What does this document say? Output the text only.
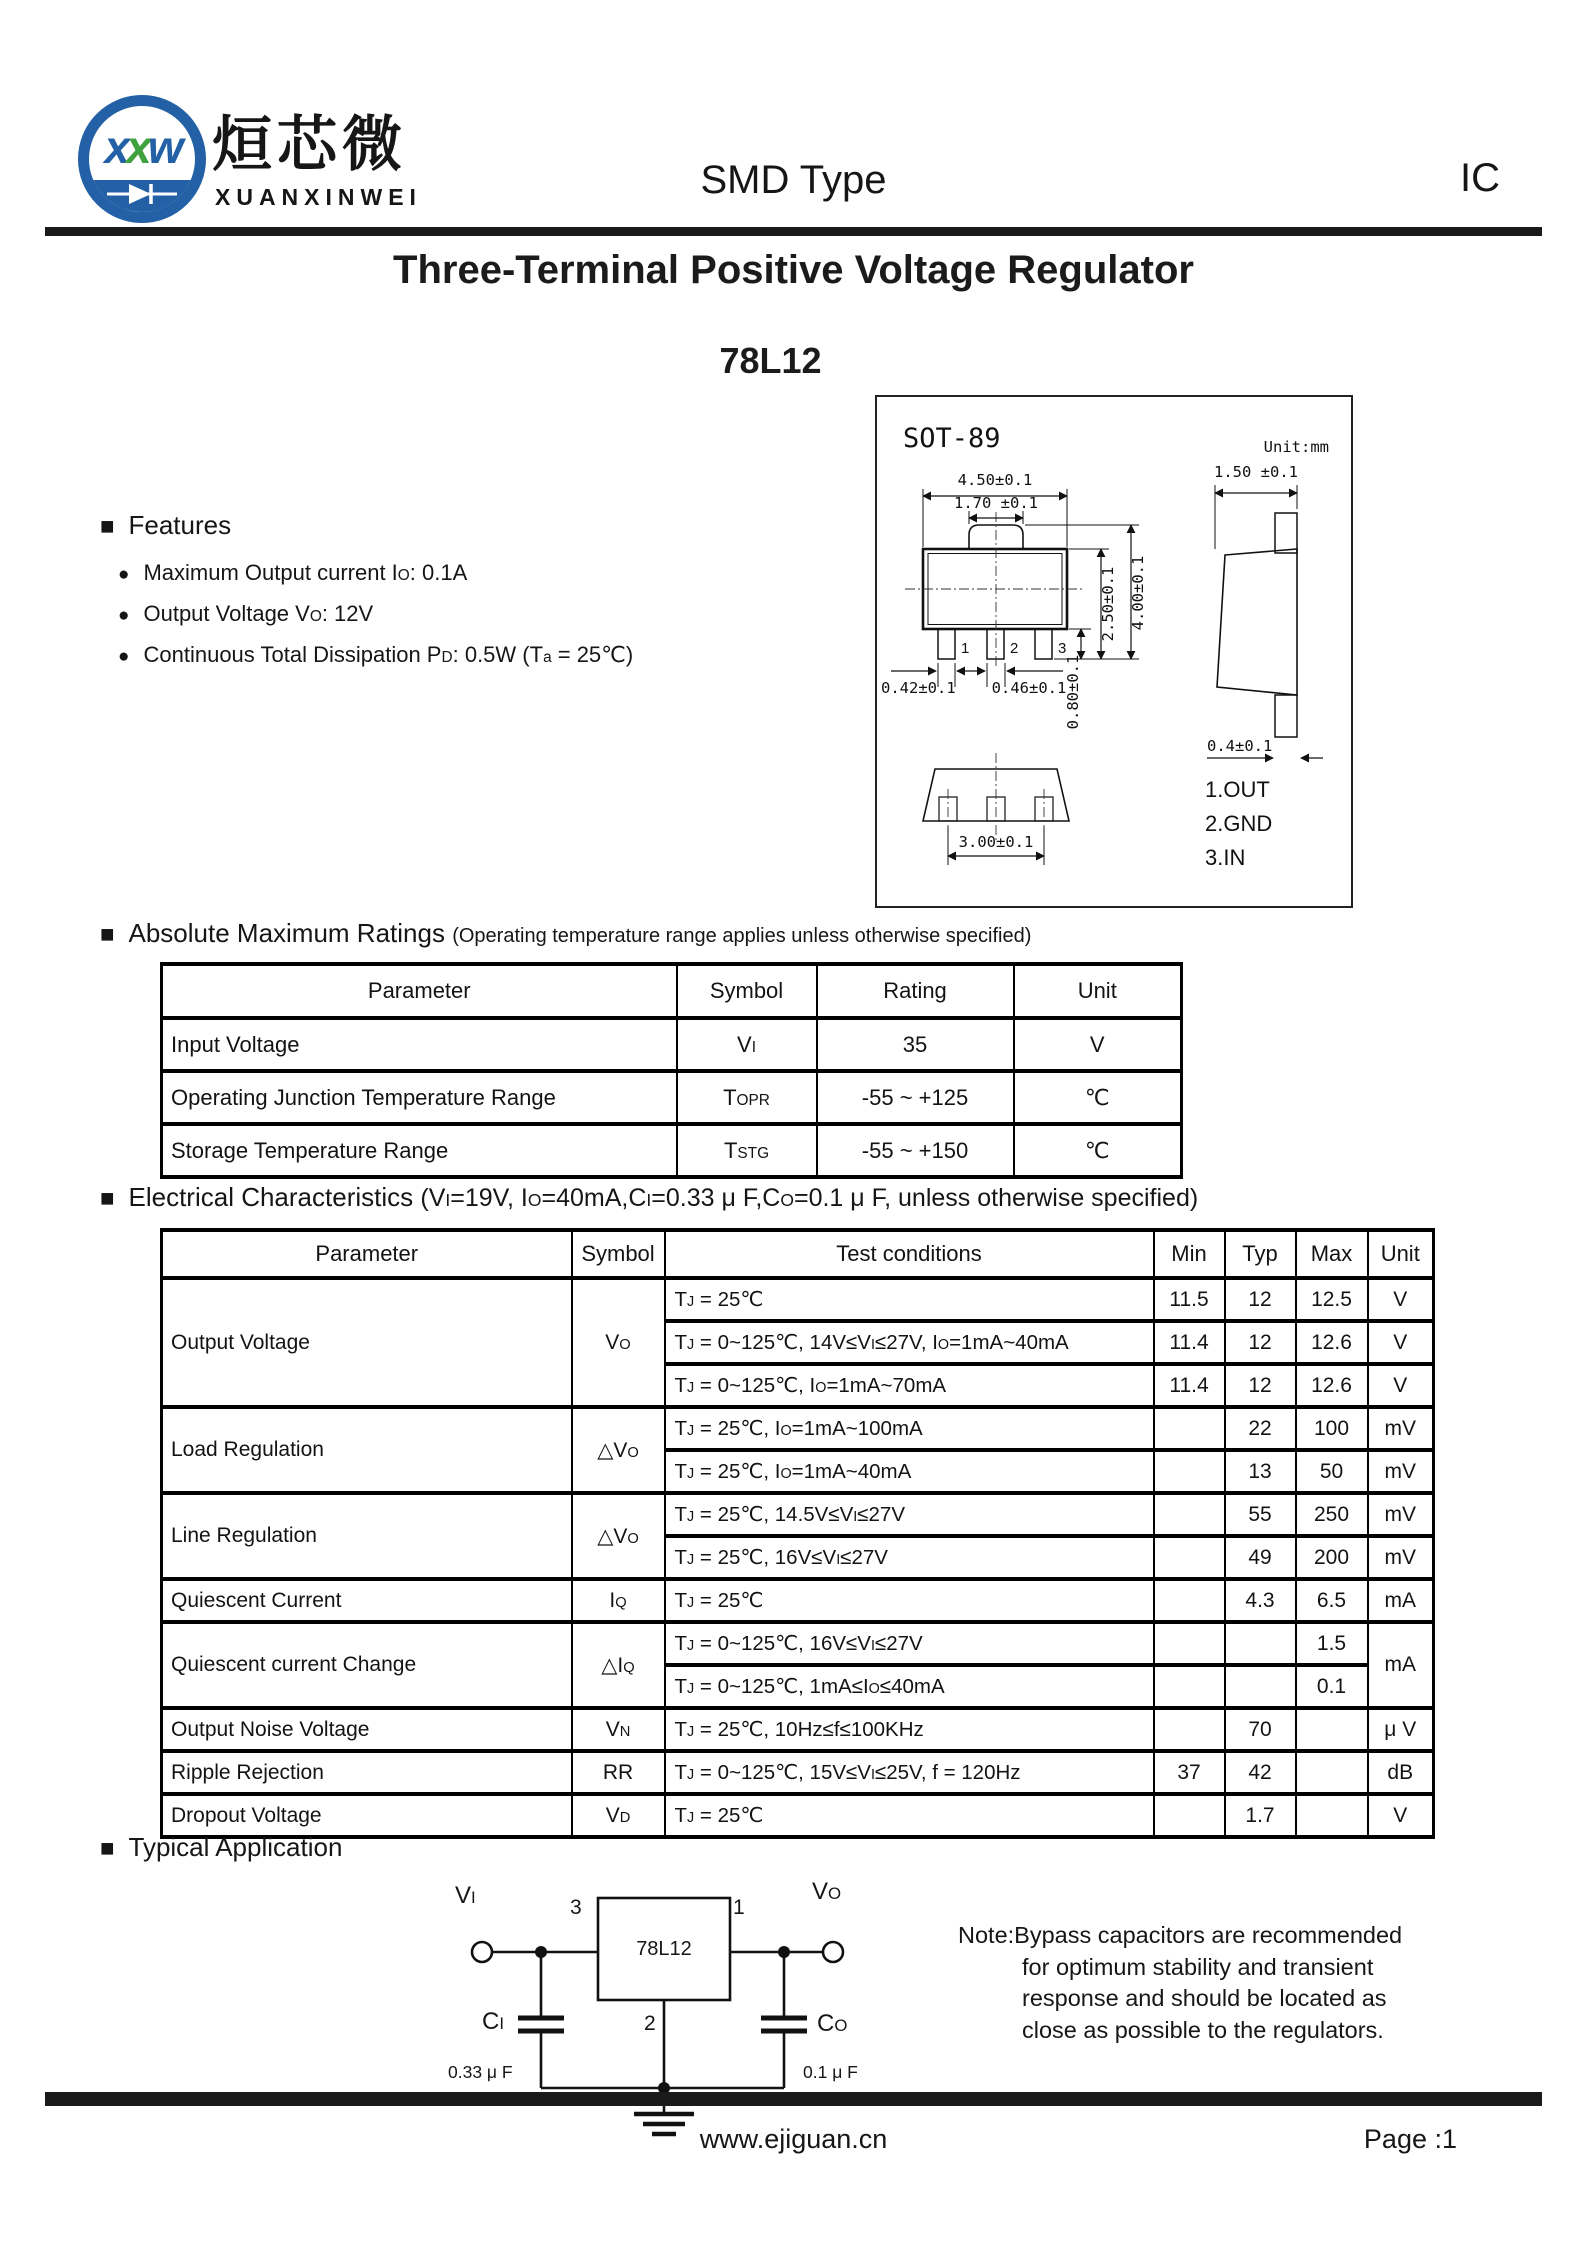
xxw 烜芯微
XUANXINWEI	SMD Type	IC
Three-Terminal Positive Voltage Regulator
78L12
SOT-89	Unit:mm
1	2	3
4.50±0.1
1.70 ±0.1
2.50±0.1 4.00±0.1
0.80±0.1
0.42±0.1 0.46±0.1
1.50 ±0.1
0.4±0.1
3.00±0.1
1.OUT
2.GND
3.IN
■ Features
● Maximum Output current IO: 0.1A
● Output Voltage VO: 12V
● Continuous Total Dissipation PD: 0.5W (Ta = 25℃)
■ Absolute Maximum Ratings (Operating temperature range applies unless otherwise specified)
Parameter	Symbol	Rating	Unit
Input Voltage	VI	35	V
Operating Junction Temperature Range	TOPR	-55 ~ +125	℃
Storage Temperature Range	TSTG	-55 ~ +150	℃
■ Electrical Characteristics (VI=19V, IO=40mA,CI=0.33 μ F,CO=0.1 μ F, unless otherwise specified)
Parameter	Symbol	Test conditions	Min	Typ	Max	Unit
Output Voltage	VO	TJ = 25℃	11.5	12	12.5	V
		TJ = 0~125℃, 14V≤VI≤27V, IO=1mA~40mA	11.4	12	12.6	V
		TJ = 0~125℃, IO=1mA~70mA	11.4	12	12.6	V
Load Regulation	△VO	TJ = 25℃, IO=1mA~100mA		22	100	mV
		TJ = 25℃, IO=1mA~40mA		13	50	mV
Line Regulation	△VO	TJ = 25℃, 14.5V≤VI≤27V		55	250	mV
		TJ = 25℃, 16V≤VI≤27V		49	200	mV
Quiescent Current	IQ	TJ = 25℃		4.3	6.5	mA
Quiescent current Change	△IQ	TJ = 0~125℃, 16V≤VI≤27V			1.5	mA
		TJ = 0~125℃, 1mA≤IO≤40mA			0.1	
Output Noise Voltage	VN	TJ = 25℃, 10Hz≤f≤100KHz		70		μ V
Ripple Rejection	RR	TJ = 0~125℃, 15V≤VI≤25V, f = 120Hz	37	42		dB
Dropout Voltage	VD	TJ = 25℃		1.7		V
■ Typical Application
VI	VO
3	1
2
78L12
CI
0.33 μ F
CO
0.1 μ F
Note:Bypass capacitors are recommended
for optimum stability and transient
response and should be located as
close as possible to the regulators.
www.ejiguan.cn	Page :1
